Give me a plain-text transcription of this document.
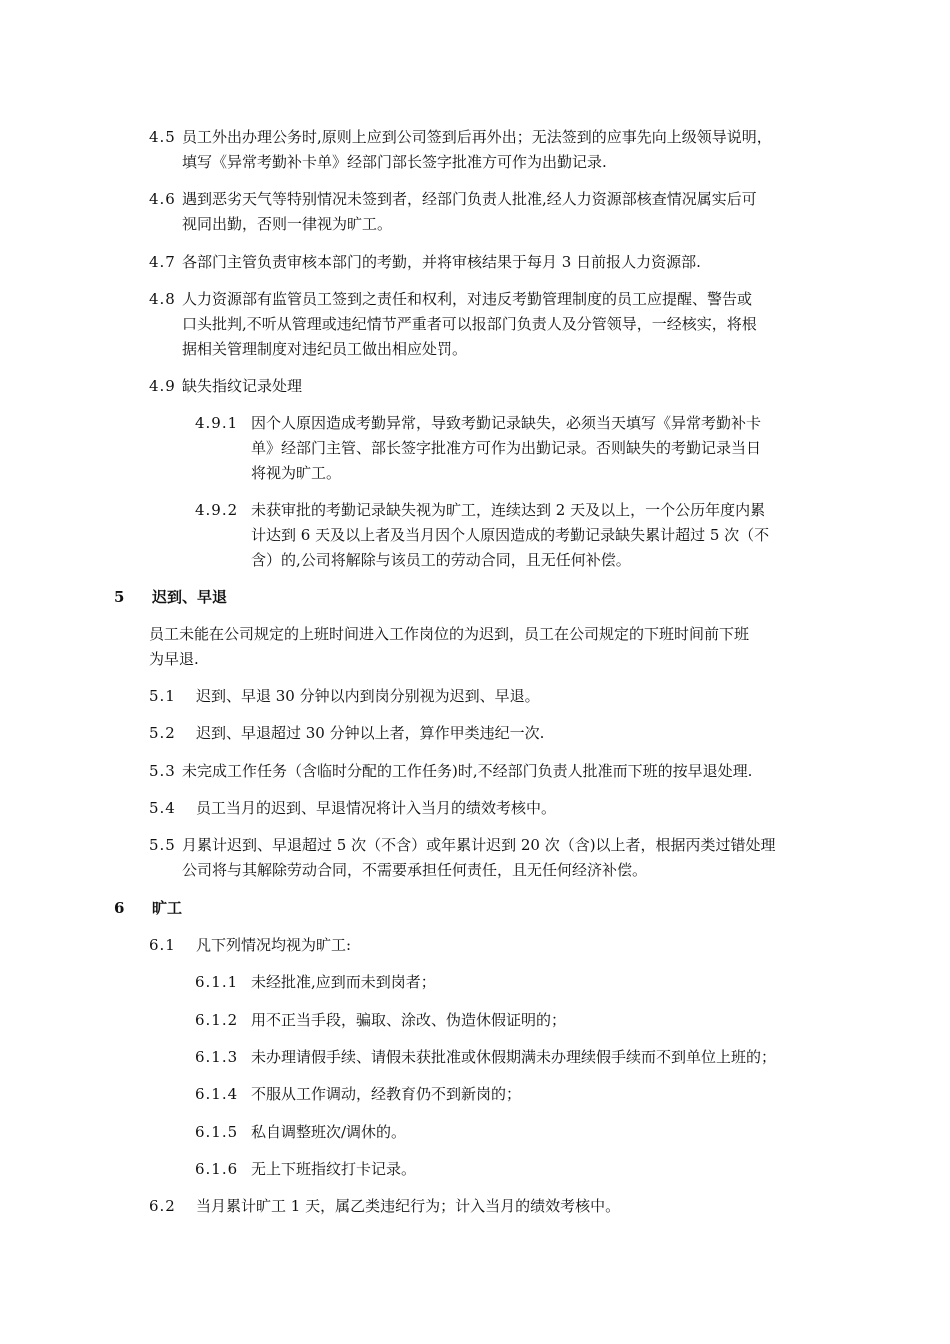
4.5 员工外出办理公务时,原则上应到公司签到后再外出；无法签到的应事先向上级领导说明，
填写《异常考勤补卡单》经部门部长签字批准方可作为出勤记录.
4.6 遇到恶劣天气等特别情况未签到者，经部门负责人批准,经人力资源部核查情况属实后可
视同出勤，否则一律视为旷工。
4.7 各部门主管负责审核本部门的考勤，并将审核结果于每月 3 日前报人力资源部.
4.8 人力资源部有监管员工签到之责任和权利，对违反考勤管理制度的员工应提醒、警告或
口头批判,不听从管理或违纪情节严重者可以报部门负责人及分管领导，一经核实，将根
据相关管理制度对违纪员工做出相应处罚。
4.9 缺失指纹记录处理
4.9.1 因个人原因造成考勤异常，导致考勤记录缺失，必须当天填写《异常考勤补卡
单》经部门主管、部长签字批准方可作为出勤记录。否则缺失的考勤记录当日
将视为旷工。
4.9.2 未获审批的考勤记录缺失视为旷工，连续达到 2 天及以上，一个公历年度内累
计达到 6 天及以上者及当月因个人原因造成的考勤记录缺失累计超过 5 次（不
含）的,公司将解除与该员工的劳动合同，且无任何补偿。
5 迟到、早退
员工未能在公司规定的上班时间进入工作岗位的为迟到，员工在公司规定的下班时间前下班
为早退.
5.1 迟到、早退 30 分钟以内到岗分别视为迟到、早退。
5.2 迟到、早退超过 30 分钟以上者，算作甲类违纪一次.
5.3 未完成工作任务（含临时分配的工作任务)时,不经部门负责人批准而下班的按早退处理.
5.4 员工当月的迟到、早退情况将计入当月的绩效考核中。
5.5 月累计迟到、早退超过 5 次（不含）或年累计迟到 20 次（含)以上者，根据丙类过错处理
公司将与其解除劳动合同，不需要承担任何责任，且无任何经济补偿。
6 旷工
6.1 凡下列情况均视为旷工:
6.1.1 未经批准,应到而未到岗者；
6.1.2 用不正当手段，骗取、涂改、伪造休假证明的；
6.1.3 未办理请假手续、请假未获批准或休假期满未办理续假手续而不到单位上班的；
6.1.4 不服从工作调动，经教育仍不到新岗的；
6.1.5 私自调整班次/调休的。
6.1.6 无上下班指纹打卡记录。
6.2 当月累计旷工 1 天，属乙类违纪行为；计入当月的绩效考核中。
